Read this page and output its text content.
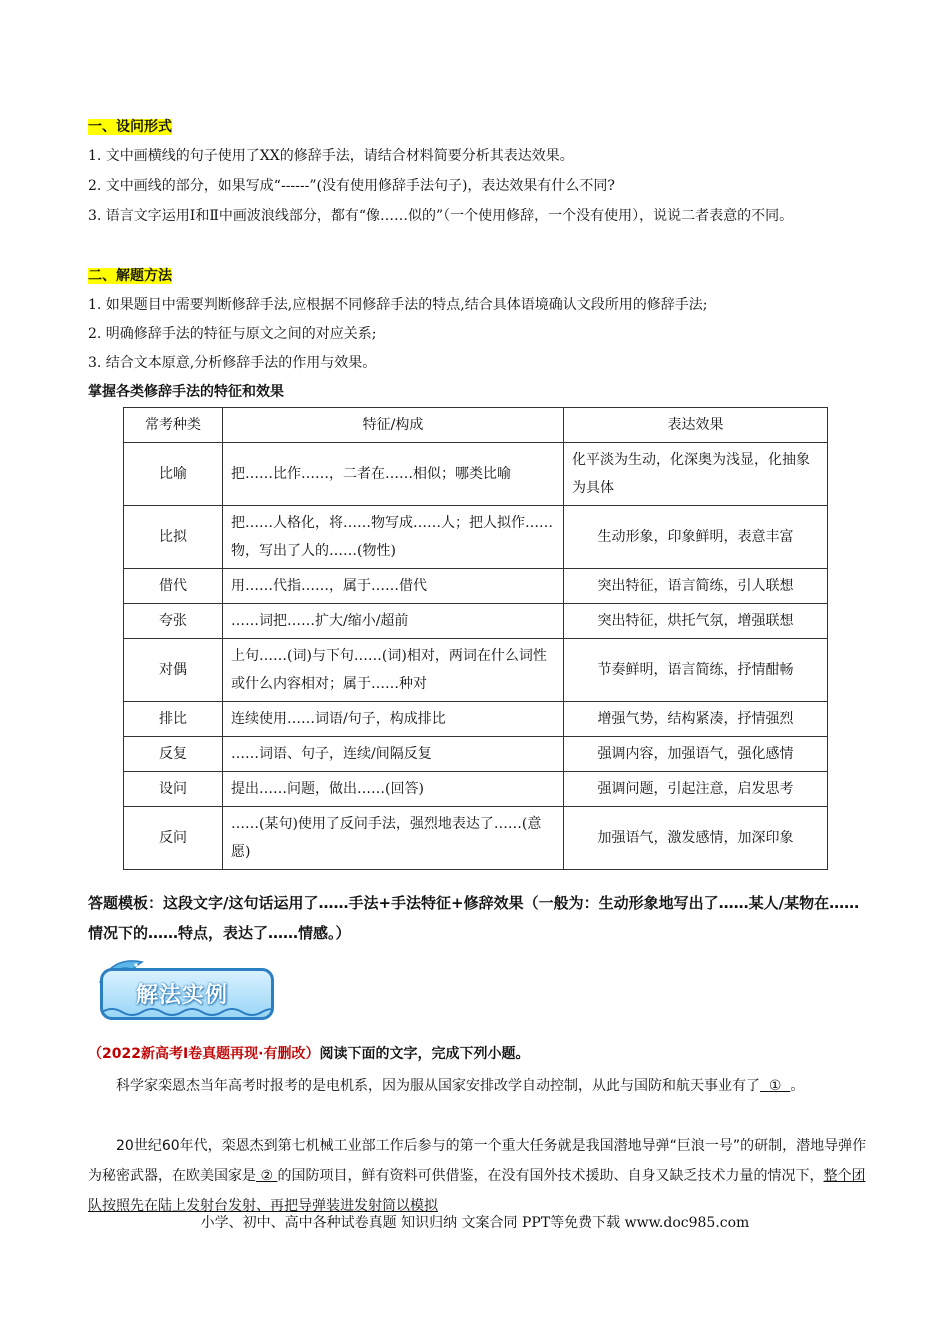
一、设问形式
1. 文中画横线的句子使用了XX的修辞手法，请结合材料简要分析其表达效果。
2. 文中画线的部分，如果写成“------”(没有使用修辞手法句子)，表达效果有什么不同?
3. 语言文字运用Ⅰ和Ⅱ中画波浪线部分，都有“像……似的”（一个使用修辞，一个没有使用），说说二者表意的不同。
二、解题方法
1. 如果题目中需要判断修辞手法,应根据不同修辞手法的特点,结合具体语境确认文段所用的修辞手法;
2. 明确修辞手法的特征与原文之间的对应关系;
3. 结合文本原意,分析修辞手法的作用与效果。
掌握各类修辞手法的特征和效果
常考种类	特征/构成	表达效果
比喻	把……比作……，二者在……相似；哪类比喻	化平淡为生动，化深奥为浅显，化抽象为具体
比拟	把……人格化，将……物写成……人；把人拟作……物，写出了人的……(物性)	生动形象，印象鲜明，表意丰富
借代	用……代指……，属于……借代	突出特征，语言简练，引人联想
夸张	……词把……扩大/缩小/超前	突出特征，烘托气氛，增强联想
对偶	上句……(词)与下句……(词)相对，两词在什么词性或什么内容相对；属于……种对	节奏鲜明，语言简练，抒情酣畅
排比	连续使用……词语/句子，构成排比	增强气势，结构紧凑，抒情强烈
反复	……词语、句子，连续/间隔反复	强调内容，加强语气，强化感情
设问	提出……问题，做出……(回答)	强调问题，引起注意，启发思考
反问	……(某句)使用了反问手法，强烈地表达了……(意愿)	加强语气，激发感情，加深印象
答题模板：这段文字/这句话运用了……手法+手法特征+修辞效果（一般为：生动形象地写出了……某人/某物在……情况下的……特点，表达了……情感。）
解法实例
（2022新高考Ⅰ卷真题再现·有删改）阅读下面的文字，完成下列小题。
科学家栾恩杰当年高考时报考的是电机系，因为服从国家安排改学自动控制，从此与国防和航天事业有了 ① 。
20世纪60年代，栾恩杰到第七机械工业部工作后参与的第一个重大任务就是我国潜地导弹“巨浪一号”的研制，潜地导弹作为秘密武器，在欧美国家是 ② 的国防项目，鲜有资料可供借鉴，在没有国外技术援助、自身又缺乏技术力量的情况下，整个团队按照先在陆上发射台发射、再把导弹装进发射筒以模拟
小学、初中、高中各种试卷真题 知识归纳 文案合同 PPT等免费下载 www.doc985.com
